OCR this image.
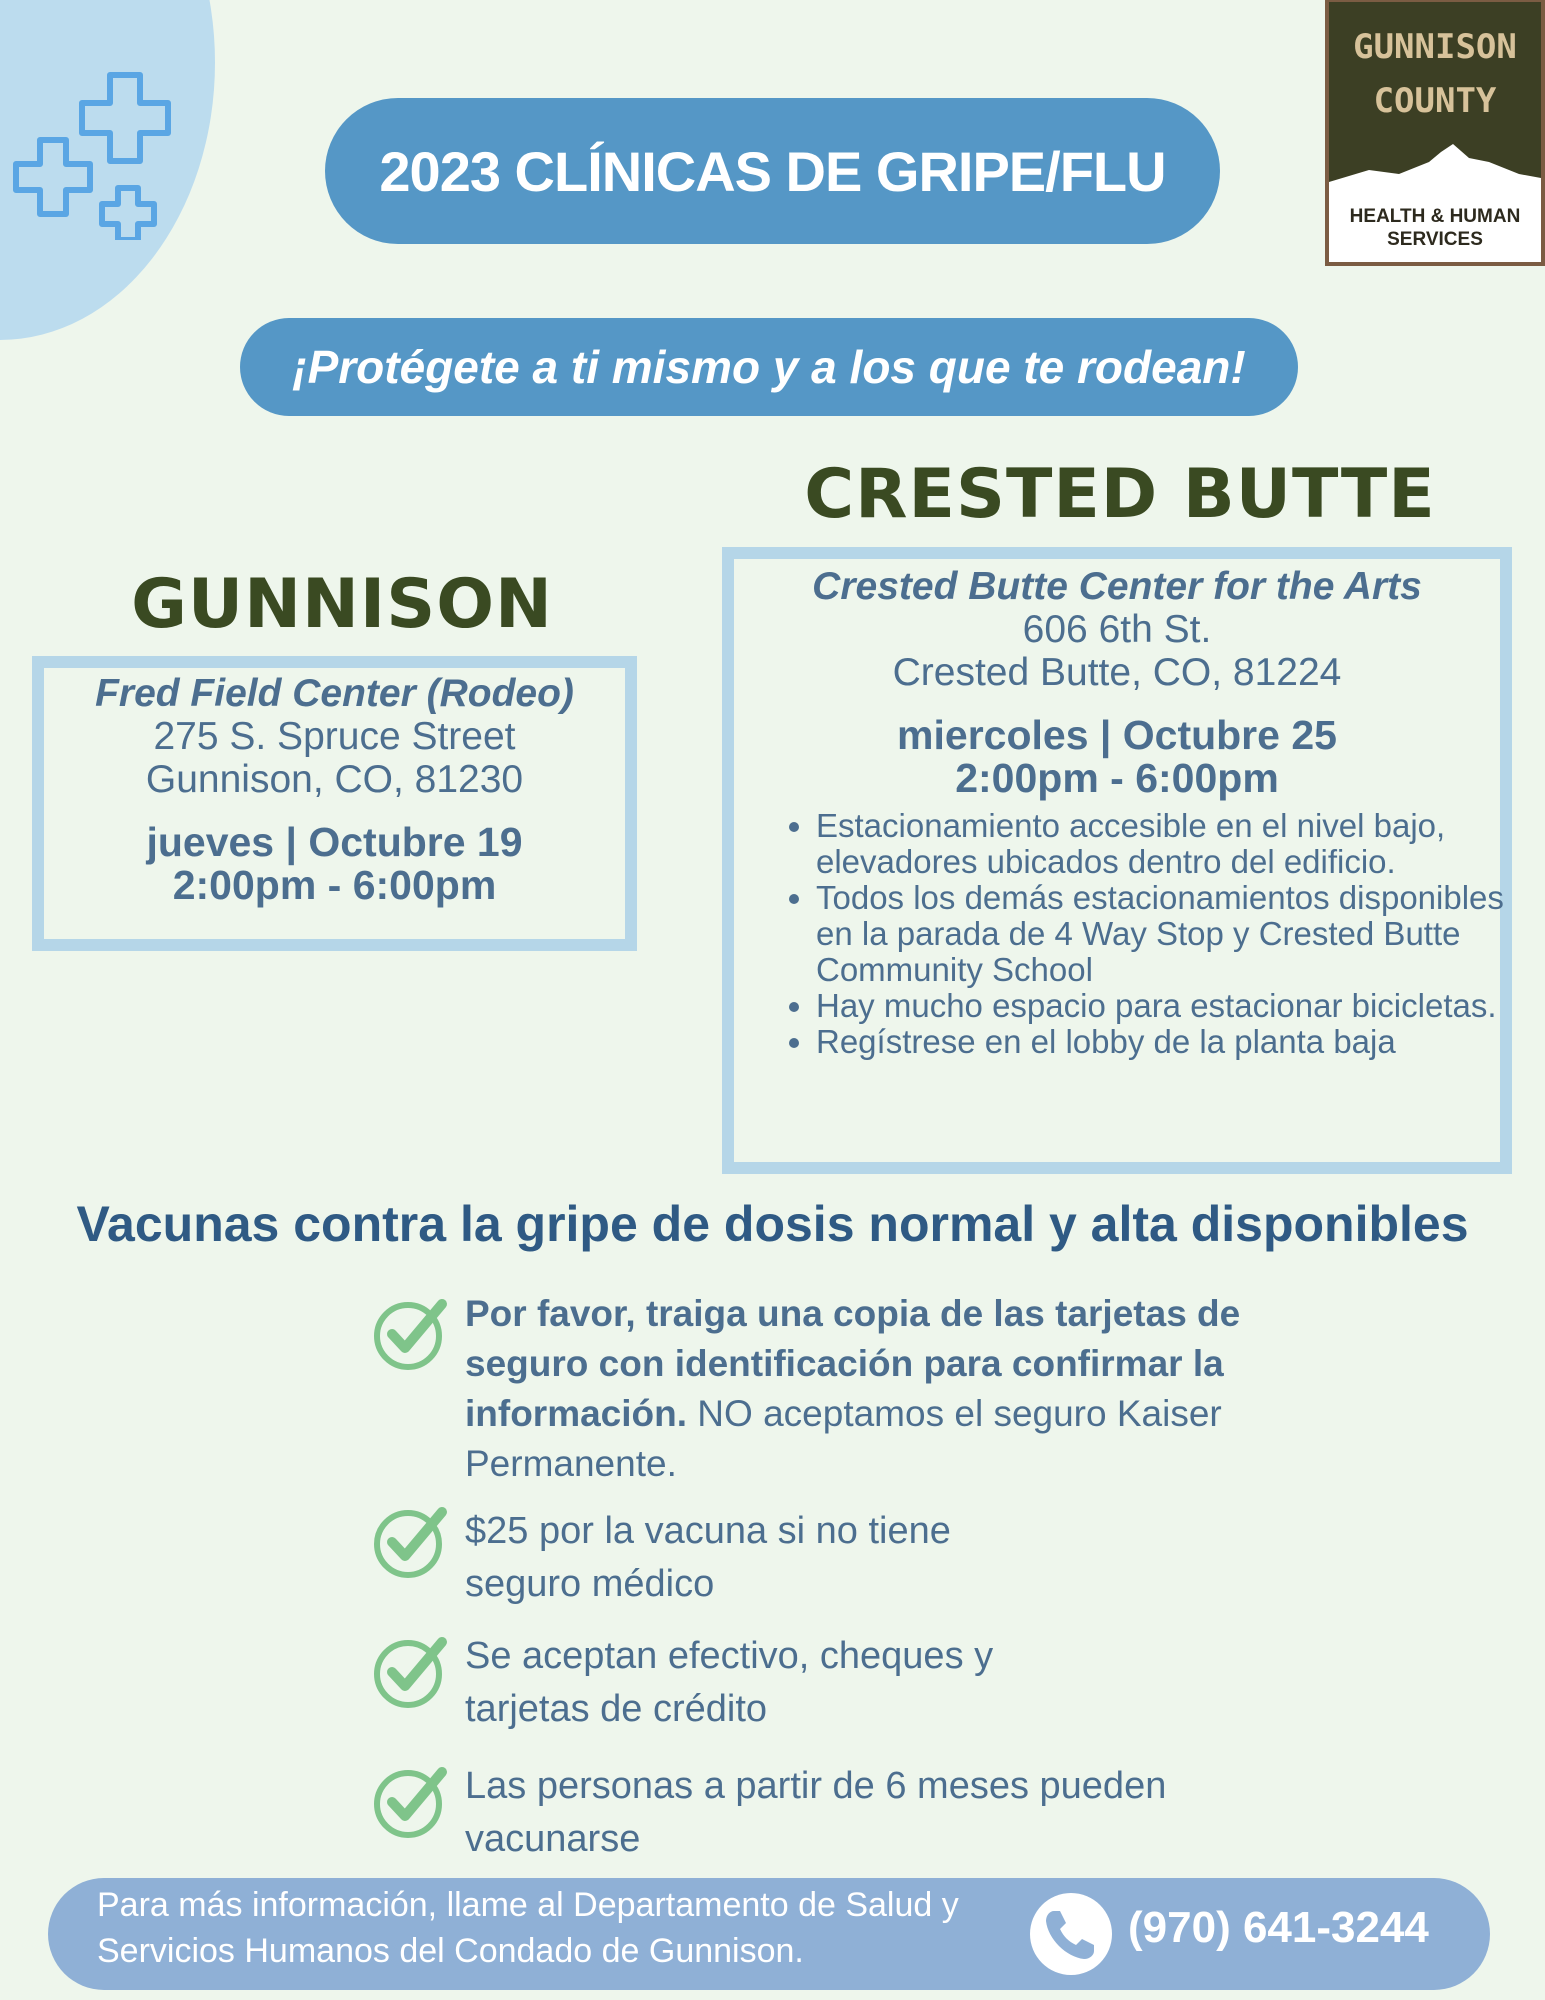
2023 CLÍNICAS DE GRIPE/FLU
GUNNISON
COUNTY
HEALTH & HUMAN
SERVICES
¡Protégete a ti mismo y a los que te rodean!
CRESTED BUTTE
GUNNISON
Fred Field Center (Rodeo)
275 S. Spruce Street
Gunnison, CO, 81230
jueves | Octubre 19
2:00pm - 6:00pm
Crested Butte Center for the Arts
606 6th St.
Crested Butte, CO, 81224
miercoles | Octubre 25
2:00pm - 6:00pm
• Estacionamiento accesible en el nivel bajo, elevadores ubicados dentro del edificio.
• Todos los demás estacionamientos disponibles en la parada de 4 Way Stop y Crested Butte Community School
• Hay mucho espacio para estacionar bicicletas.
• Regístrese en el lobby de la planta baja
Vacunas contra la gripe de dosis normal y alta disponibles
Por favor, traiga una copia de las tarjetas de seguro con identificación para confirmar la información. NO aceptamos el seguro Kaiser Permanente.
$25 por la vacuna si no tiene seguro médico
Se aceptan efectivo, cheques y tarjetas de crédito
Las personas a partir de 6 meses pueden vacunarse
Para más información, llame al Departamento de Salud y Servicios Humanos del Condado de Gunnison.	(970) 641-3244
